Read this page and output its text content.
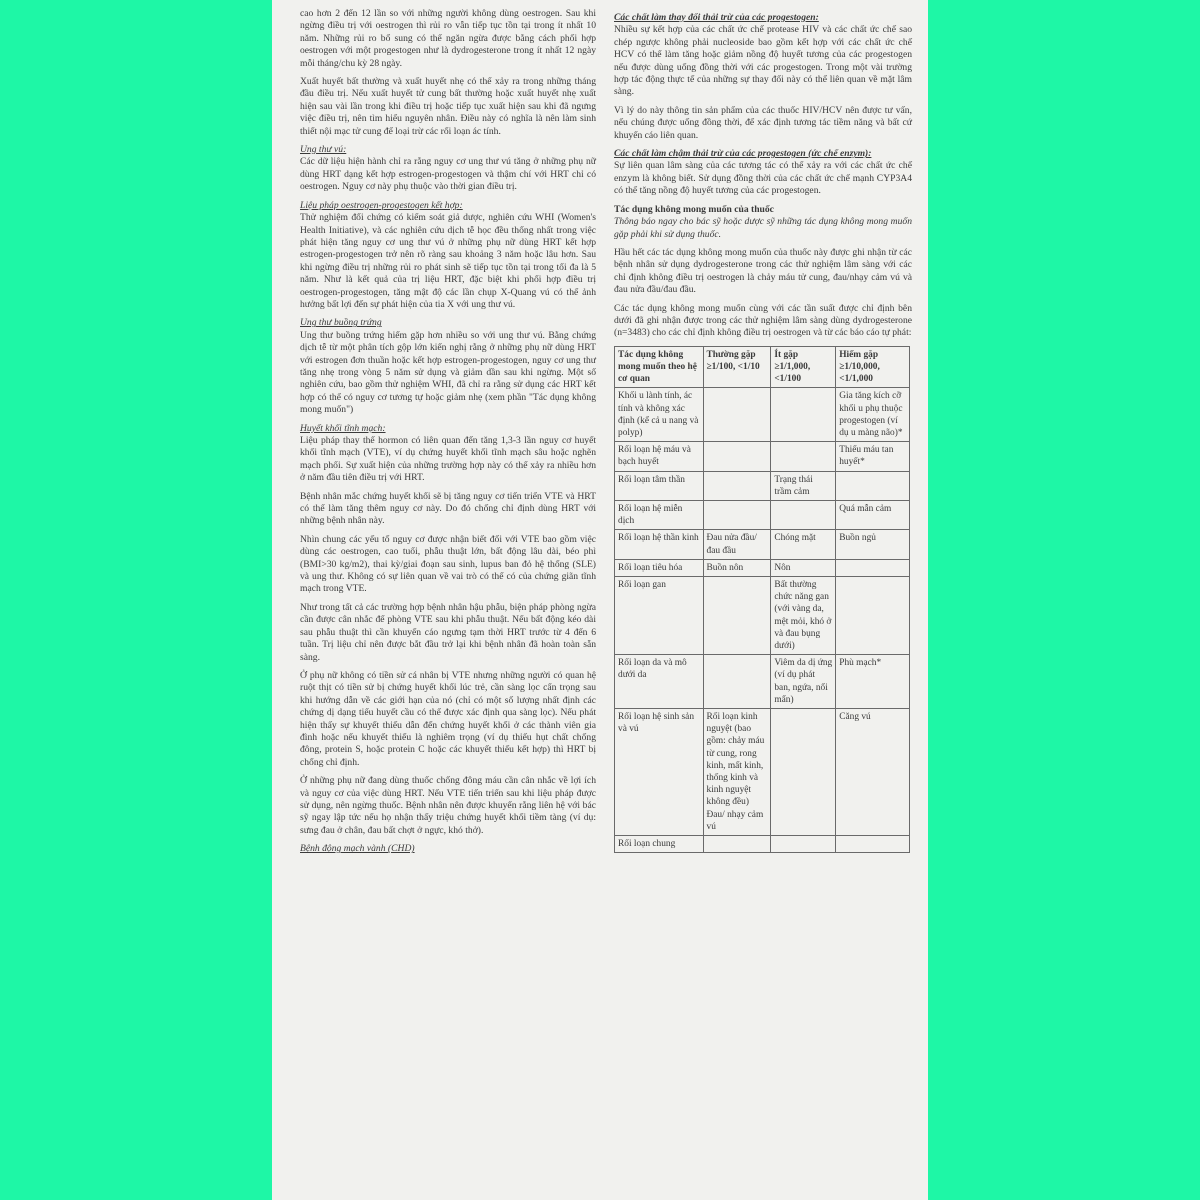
cao hơn 2 đến 12 lần so với những người không dùng oestrogen. Sau khi ngừng điều trị với oestrogen thì rủi ro vẫn tiếp tục tồn tại trong ít nhất 10 năm. Những rủi ro bổ sung có thể ngăn ngừa được bằng cách phối hợp oestrogen với một progestogen như là dydrogesterone trong ít nhất 12 ngày mỗi tháng/chu kỳ 28 ngày.

Xuất huyết bất thường và xuất huyết nhẹ có thể xảy ra trong những tháng đầu điều trị. Nếu xuất huyết tử cung bất thường hoặc xuất huyết nhẹ xuất hiện sau vài lần trong khi điều trị hoặc tiếp tục xuất hiện sau khi đã ngưng việc điều trị, nên tìm hiểu nguyên nhân. Điều này có nghĩa là nên làm sinh thiết nội mạc tử cung để loại trừ các rối loạn ác tính.

Ung thư vú:

Các dữ liệu hiện hành chỉ ra rằng nguy cơ ung thư vú tăng ở những phụ nữ dùng HRT dạng kết hợp estrogen-progestogen và thậm chí với HRT chỉ có oestrogen. Nguy cơ này phụ thuộc vào thời gian điều trị.

Liệu pháp oestrogen-progestogen kết hợp:

Thử nghiệm đối chứng có kiểm soát giả dược, nghiên cứu WHI (Women's Health Initiative), và các nghiên cứu dịch tễ học đều thống nhất trong việc phát hiện tăng nguy cơ ung thư vú ở những phụ nữ dùng HRT kết hợp estrogen-progestogen trở nên rõ ràng sau khoảng 3 năm hoặc lâu hơn. Sau khi ngừng điều trị những rủi ro phát sinh sẽ tiếp tục tồn tại trong tối đa là 5 năm. Như là kết quả của trị liệu HRT, đặc biệt khi phối hợp điều trị oestrogen-progestogen, tăng mật độ các lần chụp X-Quang vú có thể ảnh hưởng bất lợi đến sự phát hiện của tia X với ung thư vú.

Ung thư buồng trứng

Ung thư buồng trứng hiếm gặp hơn nhiều so với ung thư vú. Bằng chứng dịch tễ từ một phân tích gộp lớn kiến nghị rằng ở những phụ nữ dùng HRT với estrogen đơn thuần hoặc kết hợp estrogen-progestogen, nguy cơ ung thư tăng nhẹ trong vòng 5 năm sử dụng và giảm dần sau khi ngừng. Một số nghiên cứu, bao gồm thử nghiệm WHI, đã chỉ ra rằng sử dụng các HRT kết hợp có thể có nguy cơ tương tự hoặc giảm nhẹ (xem phần "Tác dụng không mong muốn")

Huyết khối tĩnh mạch:

Liệu pháp thay thế hormon có liên quan đến tăng 1,3-3 lần nguy cơ huyết khối tĩnh mạch (VTE), ví dụ chứng huyết khối tĩnh mạch sâu hoặc nghẽn mạch phổi. Sự xuất hiện của những trường hợp này có thể xảy ra nhiều hơn ở năm đầu tiên điều trị với HRT.

Bệnh nhân mắc chứng huyết khối sẽ bị tăng nguy cơ tiến triển VTE và HRT có thể làm tăng thêm nguy cơ này. Do đó chống chỉ định dùng HRT với những bệnh nhân này.

Nhìn chung các yếu tố nguy cơ được nhận biết đối với VTE bao gồm việc dùng các oestrogen, cao tuổi, phẫu thuật lớn, bất động lâu dài, béo phì (BMI>30 kg/m2), thai kỳ/giai đoạn sau sinh, lupus ban đỏ hệ thống (SLE) và ung thư. Không có sự liên quan về vai trò có thể có của chứng giãn tĩnh mạch trong VTE.

Như trong tất cả các trường hợp bệnh nhân hậu phẫu, biện pháp phòng ngừa cần được cân nhắc để phòng VTE sau khi phẫu thuật. Nếu bất động kéo dài sau phẫu thuật thì cần khuyến cáo ngưng tạm thời HRT trước từ 4 đến 6 tuần. Trị liệu chỉ nên được bắt đầu trở lại khi bệnh nhân đã hoàn toàn sẵn sàng.

Ở phụ nữ không có tiền sử cá nhân bị VTE nhưng những người có quan hệ ruột thịt có tiền sử bị chứng huyết khối lúc trẻ, cần sàng lọc cẩn trọng sau khi hướng dẫn về các giới hạn của nó (chỉ có một số lượng nhất định các chứng dị dạng tiểu huyết cầu có thể được xác định qua sàng lọc). Nếu phát hiện thấy sự khuyết thiếu dẫn đến chứng huyết khối ở các thành viên gia đình hoặc nếu khuyết thiếu là nghiêm trọng (ví dụ thiếu hụt chất chống đông, protein S, hoặc protein C hoặc các khuyết thiếu kết hợp) thì HRT bị chống chỉ định.

Ở những phụ nữ đang dùng thuốc chống đông máu cần cân nhắc về lợi ích và nguy cơ của việc dùng HRT. Nếu VTE tiến triển sau khi liệu pháp được sử dụng, nên ngừng thuốc. Bệnh nhân nên được khuyến rằng liên hệ với bác sỹ ngay lập tức nếu họ nhận thấy triệu chứng huyết khối tiềm tàng (ví dụ: sưng đau ở chân, đau bất chợt ở ngực, khó thở).

Bệnh động mạch vành (CHD)
Các chất làm thay đổi thải trừ của các progestogen:

Nhiều sự kết hợp của các chất ức chế protease HIV và các chất ức chế sao chép ngược không phải nucleoside bao gồm kết hợp với các chất ức chế HCV có thể làm tăng hoặc giảm nồng độ huyết tương của các progestogen nếu được dùng uống đồng thời với các progestogen. Trong một vài trường hợp tác động thực tế của những sự thay đổi này có thể liên quan về mặt lâm sàng.

Vì lý do này thông tin sản phẩm của các thuốc HIV/HCV nên được tư vấn, nếu chúng được uống đồng thời, để xác định tương tác tiềm năng và bất cứ khuyến cáo liên quan.

Các chất làm chậm thải trừ của các progestogen (ức chế enzym):

Sự liên quan lâm sàng của các tương tác có thể xảy ra với các chất ức chế enzym là không biết. Sử dụng đồng thời của các chất ức chế mạnh CYP3A4 có thể tăng nồng độ huyết tương của các progestogen.

Tác dụng không mong muốn của thuốc

Thông báo ngay cho bác sỹ hoặc dược sỹ những tác dụng không mong muốn gặp phải khi sử dụng thuốc.

Hầu hết các tác dụng không mong muốn của thuốc này được ghi nhận từ các bệnh nhân sử dụng dydrogesterone trong các thử nghiệm lâm sàng với các chỉ định không điều trị oestrogen là chảy máu tử cung, đau/nhạy cảm vú và đau nửa đầu/đau đầu.

Các tác dụng không mong muốn cùng với các tần suất được chỉ định bên dưới đã ghi nhận được trong các thử nghiệm lâm sàng dùng dydrogesterone (n=3483) cho các chỉ định không điều trị oestrogen và từ các báo cáo tự phát:

Tác dụng không mong muốn theo hệ cơ quan	Thường gặp ≥1/100, <1/10	Ít gặp ≥1/1,000, <1/100	Hiếm gặp ≥1/10,000, <1/1,000
Khối u lành tính, ác tính và không xác định (kể cả u nang và polyp)			Gia tăng kích cỡ khối u phụ thuộc progestogen (ví dụ u màng não)*
Rối loạn hệ máu và bạch huyết			Thiếu máu tan huyết*
Rối loạn tâm thần		Trạng thái trầm cảm	
Rối loạn hệ miễn dịch			Quá mẫn cảm
Rối loạn hệ thần kinh	Đau nửa đầu/ đau đầu	Chóng mặt	Buồn ngủ
Rối loạn tiêu hóa	Buồn nôn	Nôn	
Rối loạn gan		Bất thường chức năng gan (với vàng da, mệt mỏi, khó ở và đau bụng dưới)	
Rối loạn da và mô dưới da		Viêm da dị ứng (ví dụ phát ban, ngứa, nổi mẩn)	Phù mạch*
Rối loạn hệ sinh sản và vú	Rối loạn kinh nguyệt (bao gồm: chảy máu từ cung, rong kinh, mất kinh, thống kinh và kinh nguyệt không đều) Đau/ nhạy cảm vú		Căng vú
Rối loạn chung			
